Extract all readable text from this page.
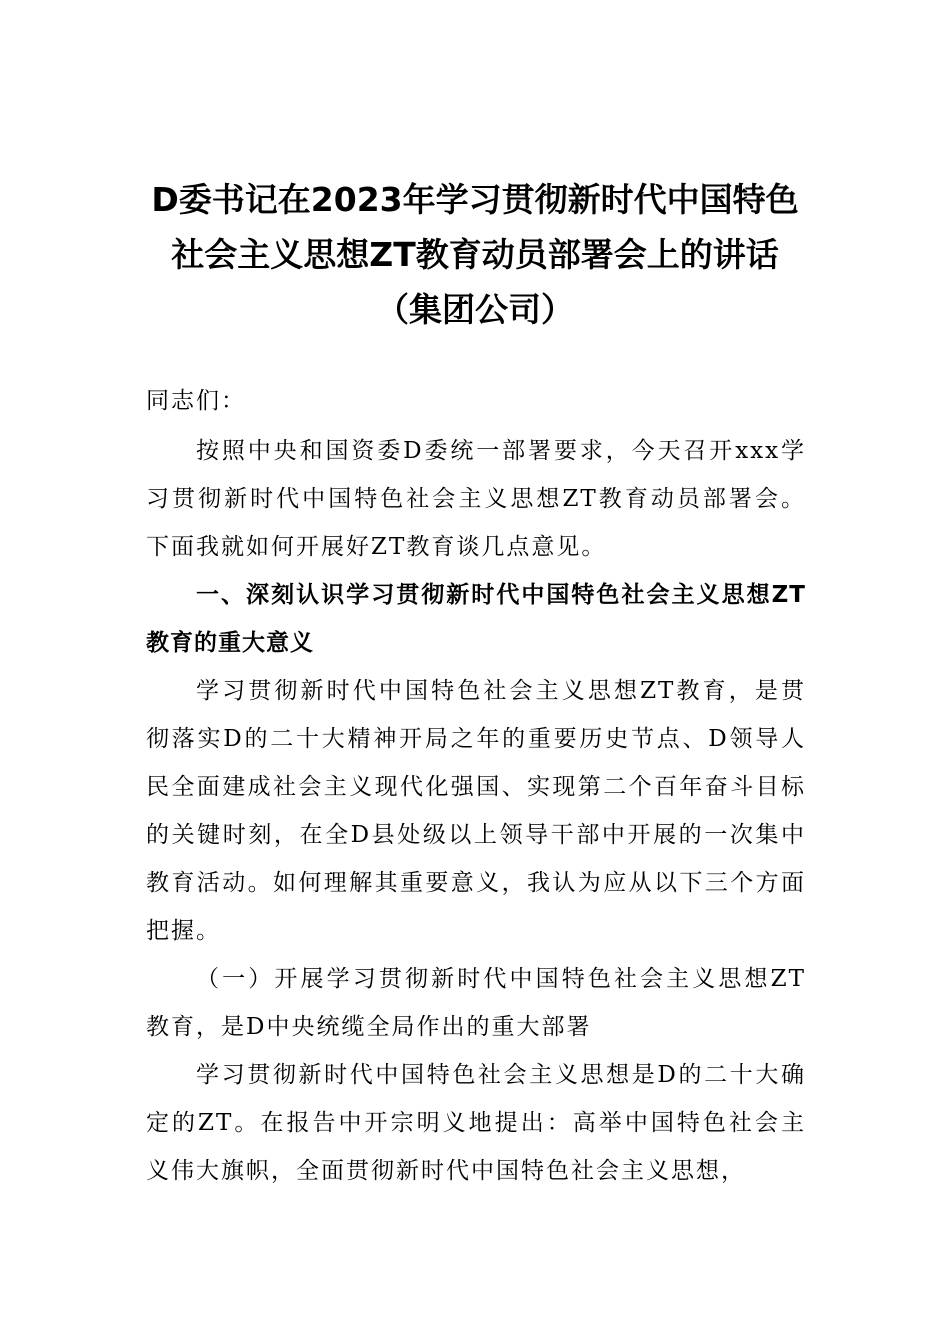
D委书记在2023年学习贯彻新时代中国特色社会主义思想ZT教育动员部署会上的讲话（集团公司）

同志们：

按照中央和国资委D委统一部署要求，今天召开xxx学习贯彻新时代中国特色社会主义思想ZT教育动员部署会。下面我就如何开展好ZT教育谈几点意见。

一、深刻认识学习贯彻新时代中国特色社会主义思想ZT教育的重大意义

学习贯彻新时代中国特色社会主义思想ZT教育，是贯彻落实D的二十大精神开局之年的重要历史节点、D领导人民全面建成社会主义现代化强国、实现第二个百年奋斗目标的关键时刻，在全D县处级以上领导干部中开展的一次集中教育活动。如何理解其重要意义，我认为应从以下三个方面把握。

（一）开展学习贯彻新时代中国特色社会主义思想ZT教育，是D中央统缆全局作出的重大部署

学习贯彻新时代中国特色社会主义思想是D的二十大确定的ZT。在报告中开宗明义地提出：高举中国特色社会主义伟大旗帜，全面贯彻新时代中国特色社会主义思想，
